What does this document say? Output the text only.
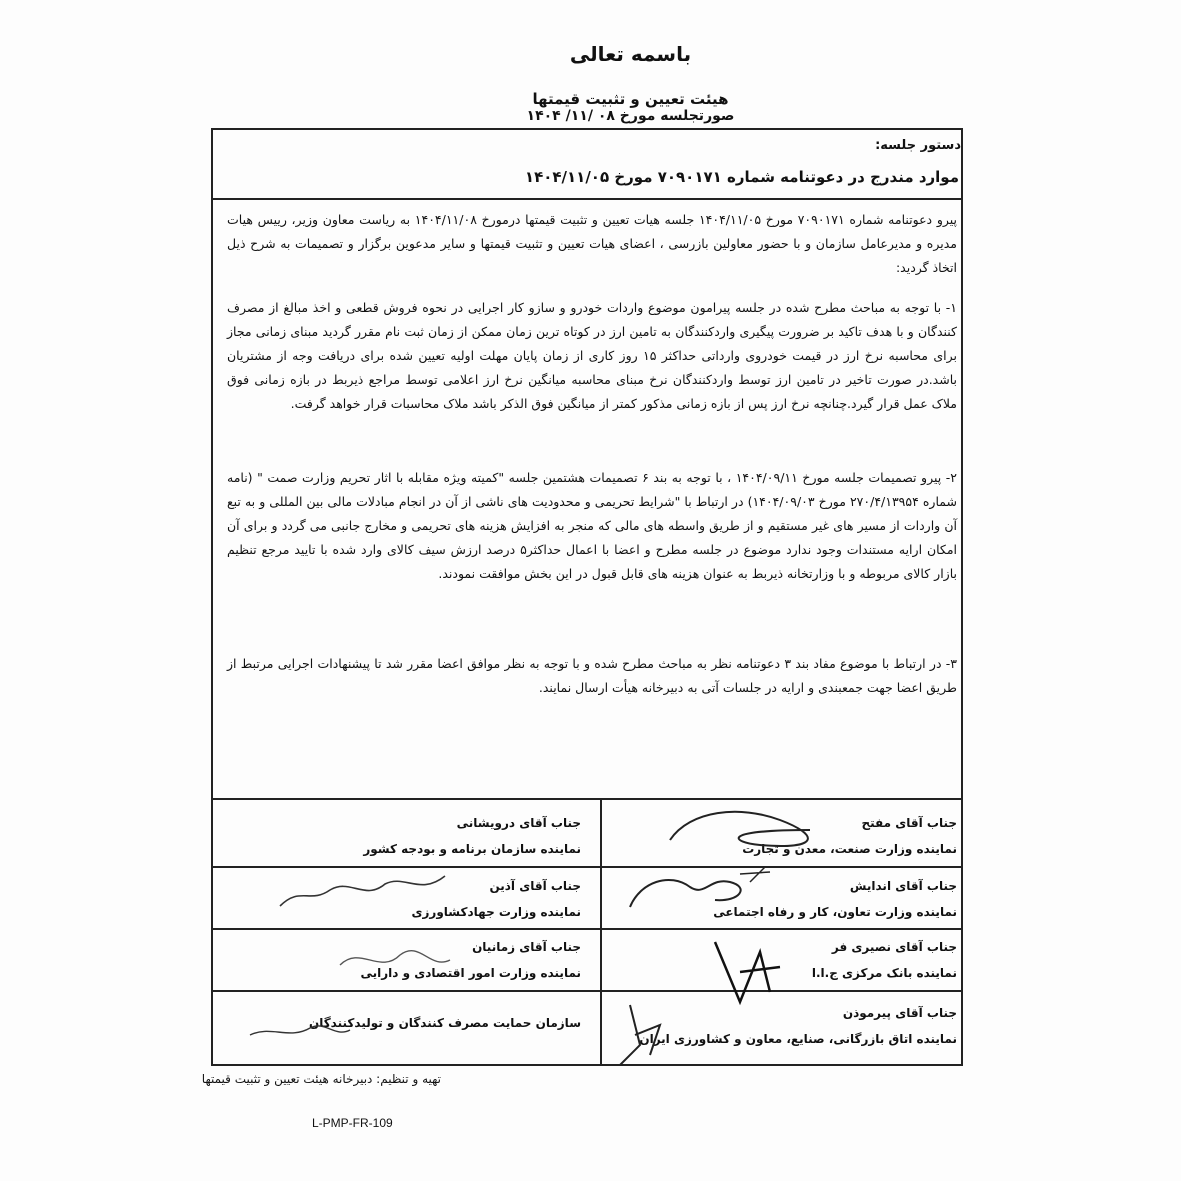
باسمه تعالی
هیئت تعیین و تثبیت قیمتها
صورتجلسه مورخ ۰۸ /۱۱/ ۱۴۰۴
دستور جلسه:
موارد مندرج در دعوتنامه شماره ۷۰۹۰۱۷۱ مورخ ۱۴۰۴/۱۱/۰۵
پیرو دعوتنامه شماره ۷۰۹۰۱۷۱ مورخ ۱۴۰۴/۱۱/۰۵ جلسه هیات تعیین و تثبیت قیمتها درمورخ ۱۴۰۴/۱۱/۰۸ به ریاست معاون وزیر، رییس هیات مدیره و مدیرعامل سازمان و با حضور معاولین بازرسی ، اعضای هیات تعیین و تثبیت قیمتها و سایر مدعوین برگزار و تصمیمات به شرح ذیل اتخاذ گردید:
۱- با توجه به مباحث مطرح شده در جلسه پیرامون موضوع واردات خودرو و سازو کار اجرایی در نحوه فروش قطعی و اخذ مبالغ از مصرف کنندگان و با هدف تاکید بر ضرورت پیگیری واردکنندگان به تامین ارز در کوتاه ترین زمان ممکن از زمان ثبت نام مقرر گردید مبنای زمانی مجاز برای محاسبه نرخ ارز در قیمت خودروی وارداتی حداکثر ۱۵ روز کاری از زمان پایان مهلت اولیه تعیین شده برای دریافت وجه از مشتریان باشد.در صورت تاخیر در تامین ارز توسط واردکنندگان نرخ مبنای محاسبه میانگین نرخ ارز اعلامی توسط مراجع ذیربط در بازه زمانی فوق ملاک عمل قرار گیرد.چنانچه نرخ ارز پس از بازه زمانی مذکور کمتر از میانگین فوق الذکر باشد ملاک محاسبات قرار خواهد گرفت.
۲- پیرو تصمیمات جلسه مورخ ۱۴۰۴/۰۹/۱۱ ، با توجه به بند ۶ تصمیمات هشتمین جلسه "کمیته ویژه مقابله با اثار تحریم وزارت صمت " (نامه شماره ۲۷۰/۴/۱۳۹۵۴ مورخ ۱۴۰۴/۰۹/۰۳) در ارتباط با "شرایط تحریمی و محدودیت های ناشی از آن در انجام مبادلات مالی بین المللی و به تبع آن واردات از مسیر های غیر مستقیم و از طریق واسطه های مالی که منجر به افزایش هزینه های تحریمی و مخارج جانبی می گردد و برای آن امکان ارایه مستندات وجود ندارد موضوع در جلسه مطرح و اعضا با اعمال حداکثر۵ درصد ارزش سیف کالای وارد شده با تایید مرجع تنظیم بازار کالای مربوطه و با وزارتخانه ذیربط به عنوان هزینه های قابل قبول در این بخش موافقت نمودند.
۳- در ارتباط با موضوع مفاد بند ۳ دعوتنامه نظر به مباحث مطرح شده و با توجه به نظر موافق اعضا مقرر شد تا پیشنهادات اجرایی مرتبط از طریق اعضا جهت جمعبندی و ارایه در جلسات آتی به دبیرخانه هیأت ارسال نمایند.
جناب آقای مفتح
نماینده وزارت صنعت، معدن و تجارت
جناب آقای درویشانی
نماینده سازمان برنامه و بودجه کشور
جناب آقای اندایش
نماینده وزارت تعاون، کار و رفاه اجتماعی
جناب آقای آذین
نماینده وزارت جهادکشاورزی
جناب آقای نصیری فر
نماینده بانک مرکزی ج.ا.ا
جناب آقای زمانیان
نماینده وزارت امور اقتصادی و دارایی
جناب آقای پیرموذن
نماینده اتاق بازرگانی، صنایع، معاون و کشاورزی ایران
سازمان حمایت مصرف کنندگان و تولیدکنندگان
تهیه و تنظیم: دبیرخانه هیئت تعیین و تثبیت قیمتها
L-PMP-FR-109
